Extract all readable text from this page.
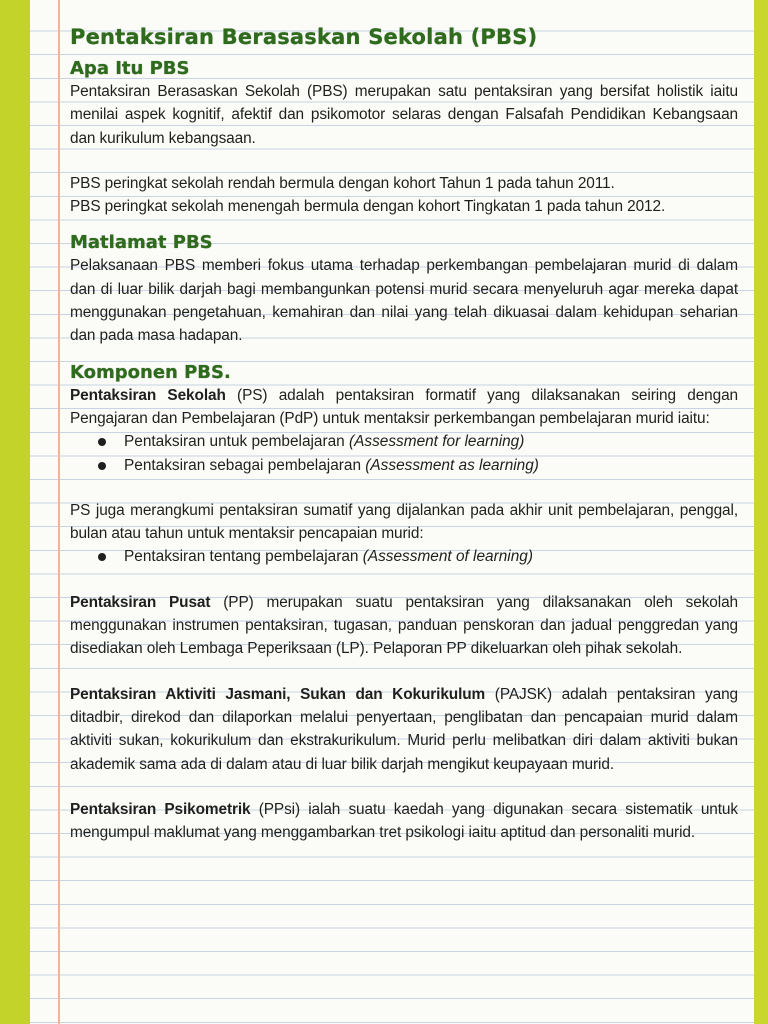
Pentaksiran Berasaskan Sekolah (PBS)
Apa Itu PBS

Pentaksiran Berasaskan Sekolah (PBS) merupakan satu pentaksiran yang bersifat holistik iaitu menilai aspek kognitif, afektif dan psikomotor selaras dengan Falsafah Pendidikan Kebangsaan dan kurikulum kebangsaan.

PBS peringkat sekolah rendah bermula dengan kohort Tahun 1 pada tahun 2011.

PBS peringkat sekolah menengah bermula dengan kohort Tingkatan 1 pada tahun 2012.

Matlamat PBS

Pelaksanaan PBS memberi fokus utama terhadap perkembangan pembelajaran murid di dalam dan di luar bilik darjah bagi membangunkan potensi murid secara menyeluruh agar mereka dapat menggunakan pengetahuan, kemahiran dan nilai yang telah dikuasai dalam kehidupan seharian dan pada masa hadapan.

Komponen PBS.

Pentaksiran Sekolah (PS) adalah pentaksiran formatif yang dilaksanakan seiring dengan Pengajaran dan Pembelajaran (PdP) untuk mentaksir perkembangan pembelajaran murid iaitu:

Pentaksiran untuk pembelajaran (Assessment for learning)
Pentaksiran sebagai pembelajaran (Assessment as learning)

PS juga merangkumi pentaksiran sumatif yang dijalankan pada akhir unit pembelajaran, penggal, bulan atau tahun untuk mentaksir pencapaian murid:

Pentaksiran tentang pembelajaran (Assessment of learning)

Pentaksiran Pusat (PP) merupakan suatu pentaksiran yang dilaksanakan oleh sekolah menggunakan instrumen pentaksiran, tugasan, panduan penskoran dan jadual penggredan yang disediakan oleh Lembaga Peperiksaan (LP). Pelaporan PP dikeluarkan oleh pihak sekolah.

Pentaksiran Aktiviti Jasmani, Sukan dan Kokurikulum (PAJSK) adalah pentaksiran yang ditadbir, direkod dan dilaporkan melalui penyertaan, penglibatan dan pencapaian murid dalam aktiviti sukan, kokurikulum dan ekstrakurikulum. Murid perlu melibatkan diri dalam aktiviti bukan akademik sama ada di dalam atau di luar bilik darjah mengikut keupayaan murid.

Pentaksiran Psikometrik (PPsi) ialah suatu kaedah yang digunakan secara sistematik untuk mengumpul maklumat yang menggambarkan tret psikologi iaitu aptitud dan personaliti murid.
